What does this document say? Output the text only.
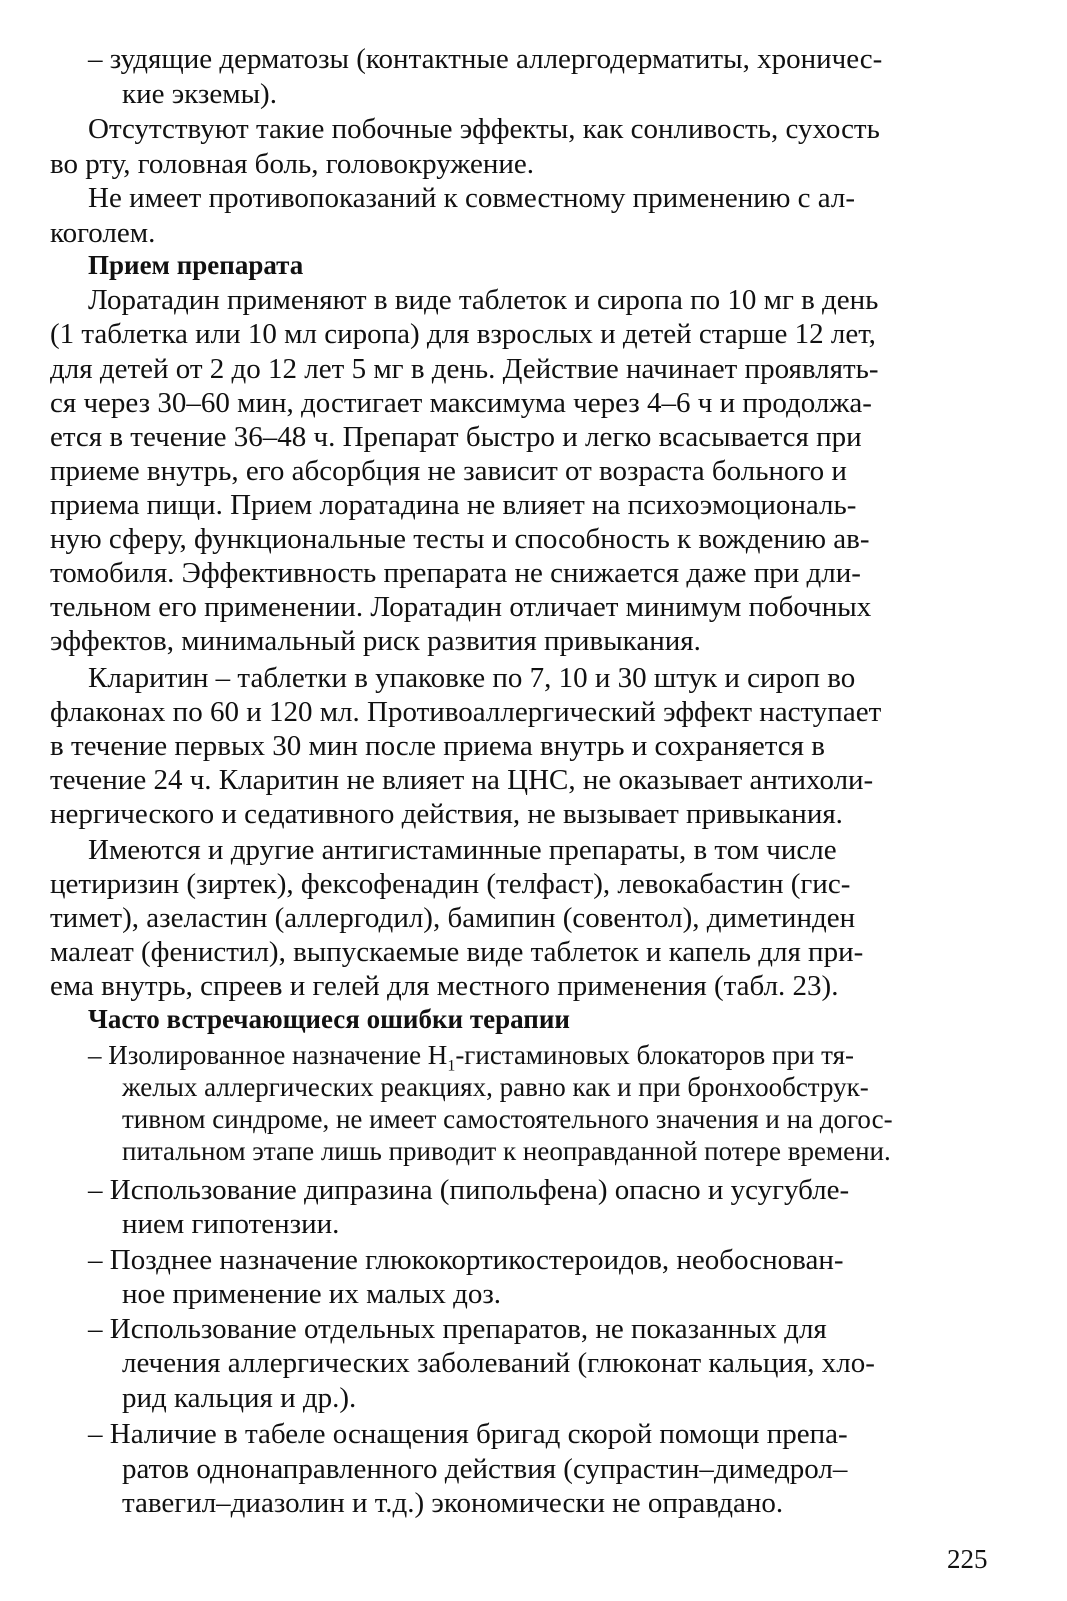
– зудящие дерматозы (контактные аллергодерматиты, хроничес-
кие экземы).
Отсутствуют такие побочные эффекты, как сонливость, сухость
во рту, головная боль, головокружение.
Не имеет противопоказаний к совместному применению с ал-
коголем.
Прием препарата
Лоратадин применяют в виде таблеток и сиропа по 10 мг в день
(1 таблетка или 10 мл сиропа) для взрослых и детей старше 12 лет,
для детей от 2 до 12 лет 5 мг в день. Действие начинает проявлять-
ся через 30–60 мин, достигает максимума через 4–6 ч и продолжа-
ется в течение 36–48 ч. Препарат быстро и легко всасывается при
приеме внутрь, его абсорбция не зависит от возраста больного и
приема пищи. Прием лоратадина не влияет на психоэмоциональ-
ную сферу, функциональные тесты и способность к вождению ав-
томобиля. Эффективность препарата не снижается даже при дли-
тельном его применении. Лоратадин отличает минимум побочных
эффектов, минимальный риск развития привыкания.
Кларитин – таблетки в упаковке по 7, 10 и 30 штук и сироп во
флаконах по 60 и 120 мл. Противоаллергический эффект наступает
в течение первых 30 мин после приема внутрь и сохраняется в
течение 24 ч. Кларитин не влияет на ЦНС, не оказывает антихоли-
нергического и седативного действия, не вызывает привыкания.
Имеются и другие антигистаминные препараты, в том числе
цетиризин (зиртек), фексофенадин (телфаст), левокабастин (гис-
тимет), азеластин (аллергодил), бамипин (совентол), диметинден
малеат (фенистил), выпускаемые виде таблеток и капель для при-
ема внутрь, спреев и гелей для местного применения (табл. 23).
Часто встречающиеся ошибки терапии
– Изолированное назначение $H_1$-гистаминовых блокаторов при тя-
желых аллергических реакциях, равно как и при бронхообструк-
тивном синдроме, не имеет самостоятельного значения и на догос-
питальном этапе лишь приводит к неоправданной потере времени.
– Использование дипразина (пипольфена) опасно и усугубле-
нием гипотензии.
– Позднее назначение глюкокортикостероидов, необоснован-
ное применение их малых доз.
– Использование отдельных препаратов, не показанных для
лечения аллергических заболеваний (глюконат кальция, хло-
рид кальция и др.).
– Наличие в табеле оснащения бригад скорой помощи препа-
ратов однонаправленного действия (супрастин–димедрол–
тавегил–диазолин и т.д.) экономически не оправдано.
225
